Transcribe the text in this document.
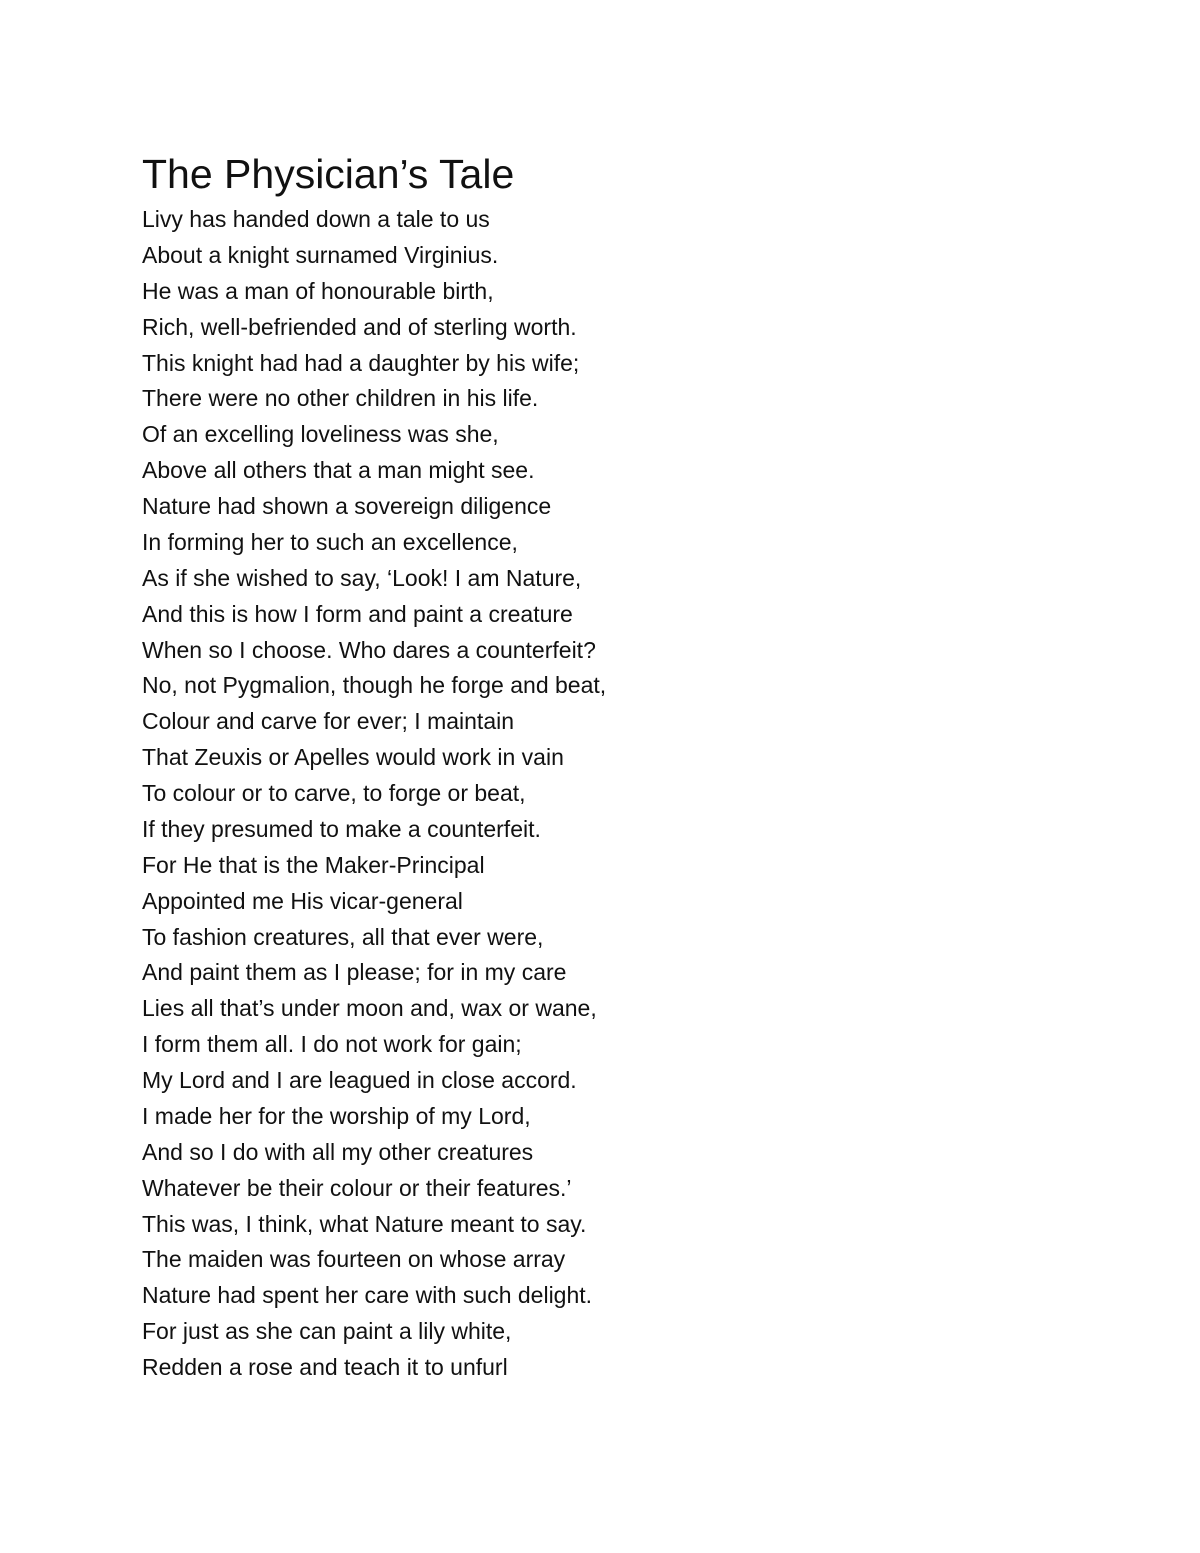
The Physician’s Tale
Livy has handed down a tale to us
About a knight surnamed Virginius.
He was a man of honourable birth,
Rich, well-befriended and of sterling worth.
This knight had had a daughter by his wife;
There were no other children in his life.
Of an excelling loveliness was she,
Above all others that a man might see.
Nature had shown a sovereign diligence
In forming her to such an excellence,
As if she wished to say, ‘Look! I am Nature,
And this is how I form and paint a creature
When so I choose. Who dares a counterfeit?
No, not Pygmalion, though he forge and beat,
Colour and carve for ever; I maintain
That Zeuxis or Apelles would work in vain
To colour or to carve, to forge or beat,
If they presumed to make a counterfeit.
For He that is the Maker-Principal
Appointed me His vicar-general
To fashion creatures, all that ever were,
And paint them as I please; for in my care
Lies all that’s under moon and, wax or wane,
I form them all. I do not work for gain;
My Lord and I are leagued in close accord.
I made her for the worship of my Lord,
And so I do with all my other creatures
Whatever be their colour or their features.’
This was, I think, what Nature meant to say.
The maiden was fourteen on whose array
Nature had spent her care with such delight.
For just as she can paint a lily white,
Redden a rose and teach it to unfurl
